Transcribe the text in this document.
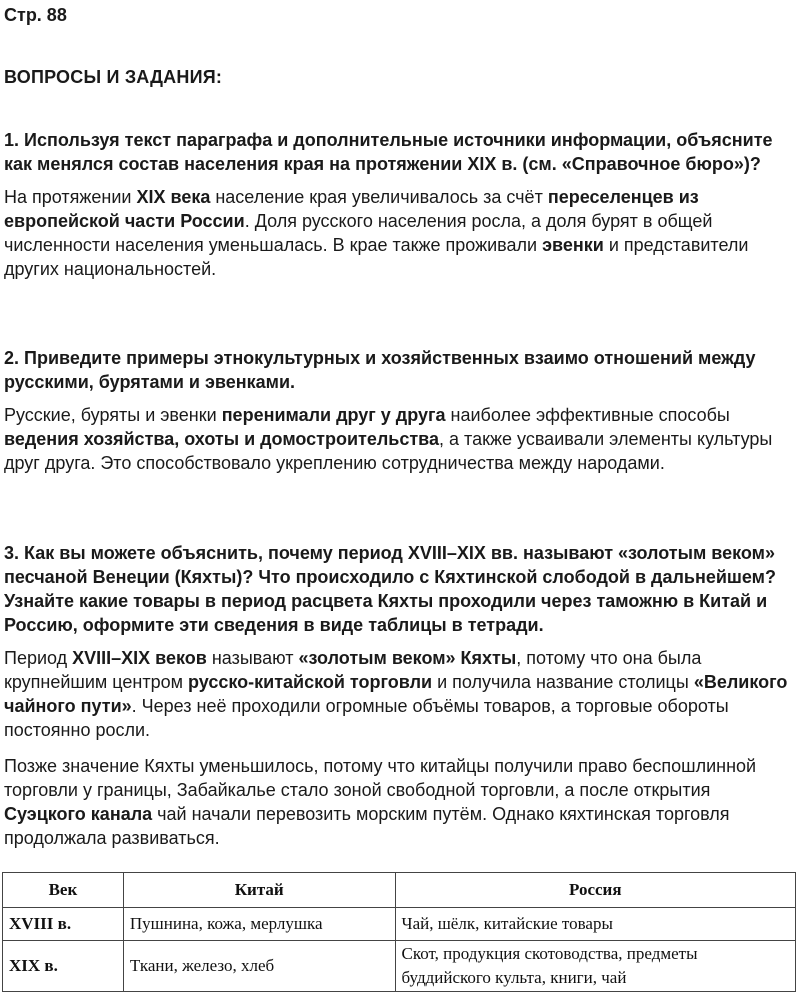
Стр. 88
ВОПРОСЫ И ЗАДАНИЯ:
1. Используя текст параграфа и дополнительные источники информации, объясните как менялся состав населения края на протяжении XIX в. (см. «Справочное бюро»)?
На протяжении XIX века население края увеличивалось за счёт переселенцев из европейской части России. Доля русского населения росла, а доля бурят в общей численности населения уменьшалась. В крае также проживали эвенки и представители других национальностей.
2. Приведите примеры этнокультурных и хозяйственных взаимо отношений между русскими, бурятами и эвенками.
Русские, буряты и эвенки перенимали друг у друга наиболее эффективные способы ведения хозяйства, охоты и домостроительства, а также усваивали элементы культуры друг друга. Это способствовало укреплению сотрудничества между народами.
3. Как вы можете объяснить, почему период XVIII–XIX вв. называют «золотым веком» песчаной Венеции (Кяхты)? Что происходило с Кяхтинской слободой в дальнейшем? Узнайте какие товары в период расцвета Кяхты проходили через таможню в Китай и Россию, оформите эти сведения в виде таблицы в тетради.
Период XVIII–XIX веков называют «золотым веком» Кяхты, потому что она была крупнейшим центром русско-китайской торговли и получила название столицы «Великого чайного пути». Через неё проходили огромные объёмы товаров, а торговые обороты постоянно росли.
Позже значение Кяхты уменьшилось, потому что китайцы получили право беспошлинной торговли у границы, Забайкалье стало зоной свободной торговли, а после открытия Суэцкого канала чай начали перевозить морским путём. Однако кяхтинская торговля продолжала развиваться.
Век	Китай	Россия
XVIII в.	Пушнина, кожа, мерлушка	Чай, шёлк, китайские товары

XIX в.	Ткани, железо, хлеб	Скот, продукция скотоводства, предметы
буддийского культа, книги, чай
